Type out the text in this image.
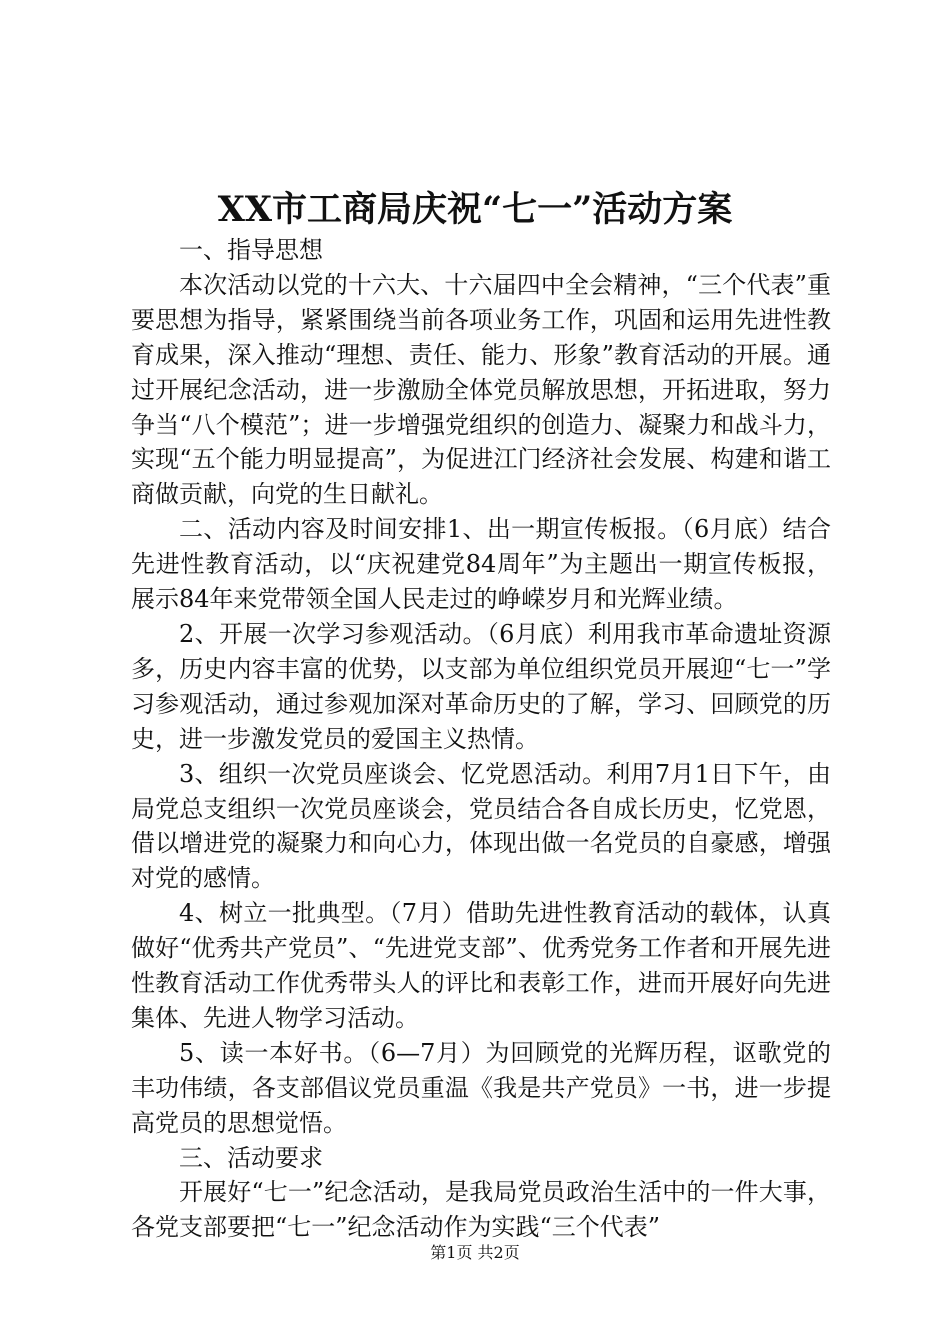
XX市工商局庆祝“七一”活动方案

一、指导思想

本次活动以党的十六大、十六届四中全会精神，“三个代表”重要思想为指导，紧紧围绕当前各项业务工作，巩固和运用先进性教育成果，深入推动“理想、责任、能力、形象”教育活动的开展。通过开展纪念活动，进一步激励全体党员解放思想，开拓进取，努力争当“八个模范”；进一步增强党组织的创造力、凝聚力和战斗力，实现“五个能力明显提高”，为促进江门经济社会发展、构建和谐工商做贡献，向党的生日献礼。

二、活动内容及时间安排1、出一期宣传板报。（6月底）结合先进性教育活动，以“庆祝建党84周年”为主题出一期宣传板报，展示84年来党带领全国人民走过的峥嵘岁月和光辉业绩。

2、开展一次学习参观活动。（6月底）利用我市革命遗址资源多，历史内容丰富的优势，以支部为单位组织党员开展迎“七一”学习参观活动，通过参观加深对革命历史的了解，学习、回顾党的历史，进一步激发党员的爱国主义热情。

3、组织一次党员座谈会、忆党恩活动。利用7月1日下午，由局党总支组织一次党员座谈会，党员结合各自成长历史，忆党恩，借以增进党的凝聚力和向心力，体现出做一名党员的自豪感，增强对党的感情。

4、树立一批典型。（7月）借助先进性教育活动的载体，认真做好“优秀共产党员”、“先进党支部”、优秀党务工作者和开展先进性教育活动工作优秀带头人的评比和表彰工作，进而开展好向先进集体、先进人物学习活动。

5、读一本好书。（6—7月）为回顾党的光辉历程，讴歌党的丰功伟绩，各支部倡议党员重温《我是共产党员》一书，进一步提高党员的思想觉悟。

三、活动要求

开展好“七一”纪念活动，是我局党员政治生活中的一件大事，各党支部要把“七一”纪念活动作为实践“三个代表”

第1页 共2页
